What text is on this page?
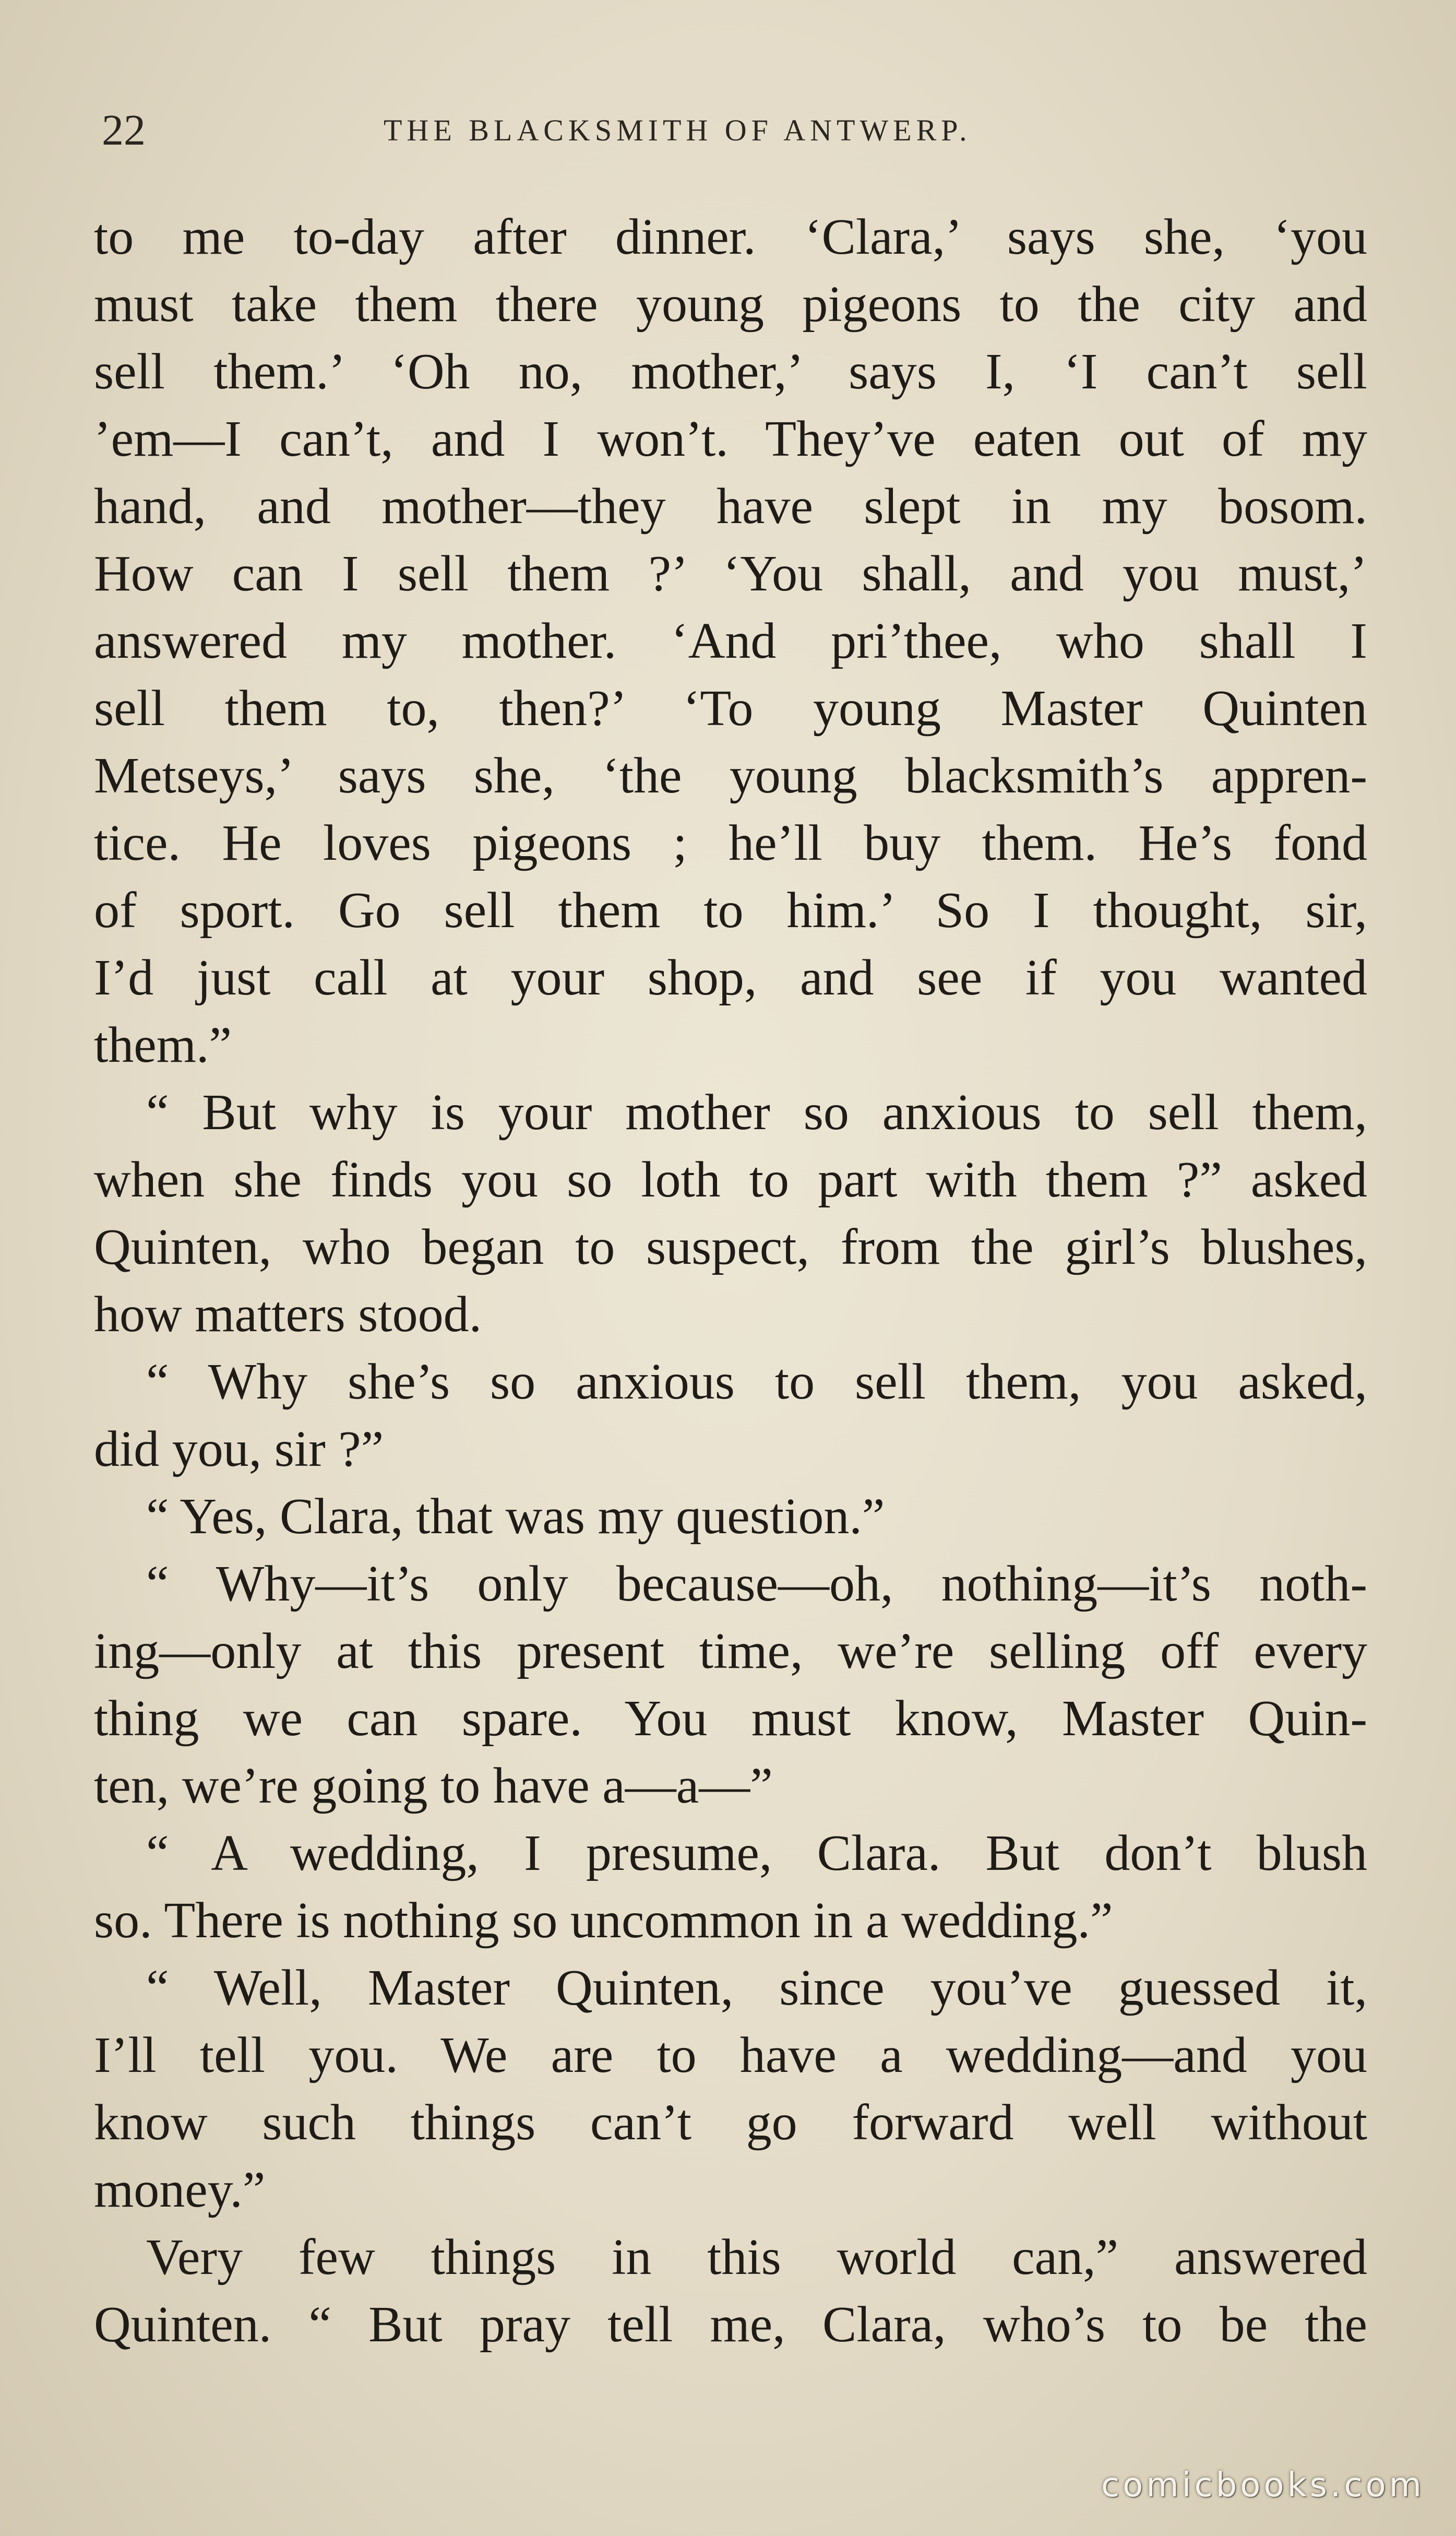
22	THE BLACKSMITH OF ANTWERP.
to me to-day after dinner. ‘Clara,’ says she, ‘you
must take them there young pigeons to the city and
sell them.’ ‘Oh no, mother,’ says I, ‘I can’t sell
’em—I can’t, and I won’t. They’ve eaten out of my
hand, and mother—they have slept in my bosom.
How can I sell them ?’ ‘You shall, and you must,’
answered my mother. ‘And pri’thee, who shall I
sell them to, then?’ ‘To young Master Quinten
Metseys,’ says she, ‘the young blacksmith’s appren-
tice. He loves pigeons ; he’ll buy them. He’s fond
of sport. Go sell them to him.’ So I thought, sir,
I’d just call at your shop, and see if you wanted
them.”
“ But why is your mother so anxious to sell them,
when she finds you so loth to part with them ?” asked
Quinten, who began to suspect, from the girl’s blushes,
how matters stood.
“ Why she’s so anxious to sell them, you asked,
did you, sir ?”
“ Yes, Clara, that was my question.”
“ Why—it’s only because—oh, nothing—it’s noth-
ing—only at this present time, we’re selling off every
thing we can spare. You must know, Master Quin-
ten, we’re going to have a—a—”
“ A wedding, I presume, Clara. But don’t blush
so. There is nothing so uncommon in a wedding.”
“ Well, Master Quinten, since you’ve guessed it,
I’ll tell you. We are to have a wedding—and you
know such things can’t go forward well without
money.”
Very few things in this world can,” answered
Quinten. “ But pray tell me, Clara, who’s to be the
comicbooks.com
